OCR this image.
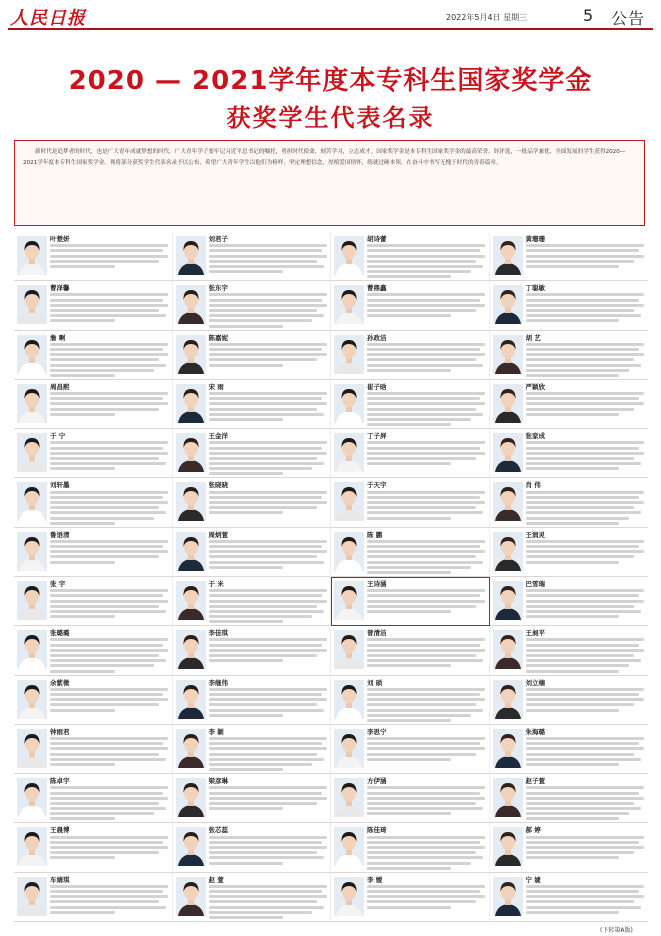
人民日报	2022年5月4日 星期三	5 公告
2020 — 2021学年度本专科生国家奖学金
获奖学生代表名录
新时代是追梦者的时代，也是广大青年成就梦想的时代。广大青年学子要牢记习近平总书记的嘱托，勇担时代使命，刻苦学习，立志成才。国家奖学金是本专科生国家奖学金的最高荣誉。经评选，一批品学兼优、全面发展的学生获得2020—2021学年度本专科生国家奖学金。现将部分获奖学生代表名录予以公布，希望广大青年学生以他们为榜样，坚定理想信念，厚植爱国情怀，练就过硬本领，在奋斗中书写无愧于时代的青春篇章。
叶楚妍	刘君子	胡诗蕾	黄珊珊
曹泽馨	张东宇	曹鼎鑫	丁聪敏
詹 啊	陈嘉妮	孙政洁	胡 艺
周昌熙	宋 雨	崔子晗	严颖欣
于 宁	王金洋	丁子屏	张家成
刘轩墨	张晓晓	于天宇	肖 伟
鲁语清	周炳萱	陈 鹏	王润灵
张 宇	于 米	王诗涵	巴雪瑞
张璐璐	李佳琪	曾清洁	王昶平
余紫微	李继伟	刘 硕	刘立楠
钟雨君	李 颖	李思宁	朱海璐
陈卓宇	梁彦琳	方伊涵	赵子萱
王晨博	张芯蕊	陈佳琦	郝 婷
车婧琪	赵 萱	李 嫒	宁 婕
(下转第A版)
